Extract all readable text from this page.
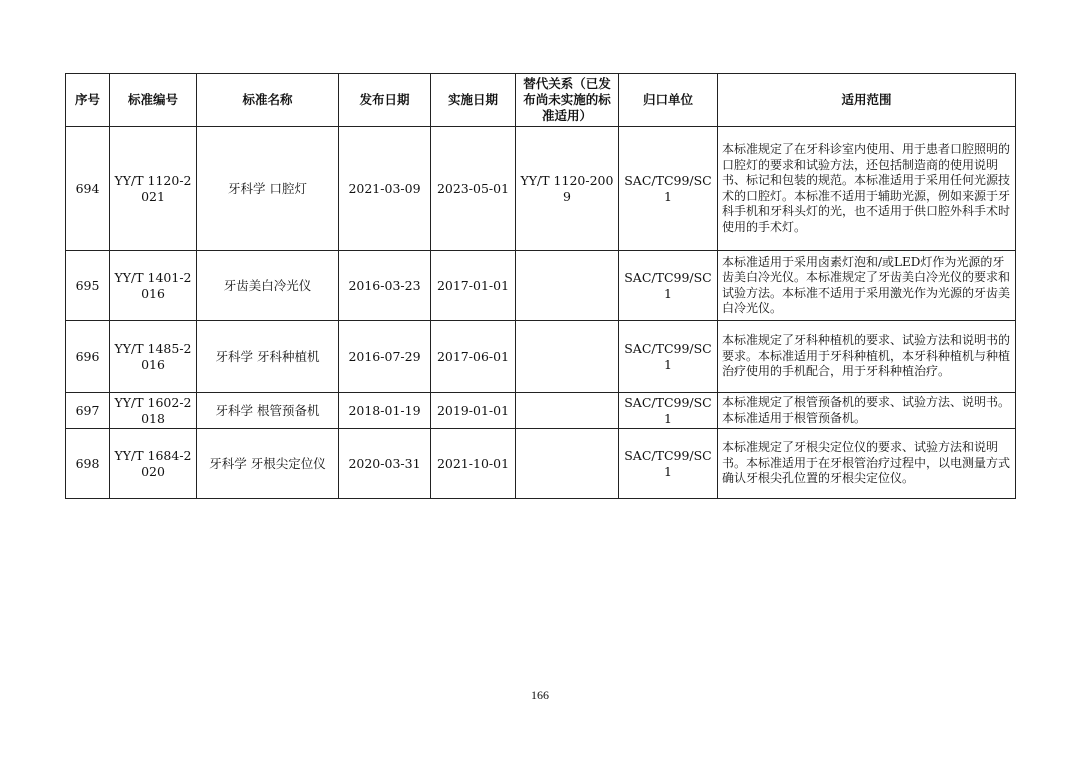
序号	标准编号	标准名称	发布日期	实施日期	替代关系（已发布尚未实施的标准适用）	归口单位	适用范围
694	YY/T 1120-2021	牙科学 口腔灯	2021-03-09	2023-05-01	YY/T 1120-2009	SAC/TC99/SC1	本标准规定了在牙科诊室内使用、用于患者口腔照明的口腔灯的要求和试验方法，还包括制造商的使用说明书、标记和包装的规范。本标准适用于采用任何光源技术的口腔灯。本标准不适用于辅助光源，例如来源于牙科手机和牙科头灯的光，也不适用于供口腔外科手术时使用的手术灯。
695	YY/T 1401-2016	牙齿美白冷光仪	2016-03-23	2017-01-01		SAC/TC99/SC1	本标准适用于采用卤素灯泡和/或LED灯作为光源的牙齿美白冷光仪。本标准规定了牙齿美白冷光仪的要求和试验方法。本标准不适用于采用激光作为光源的牙齿美白冷光仪。
696	YY/T 1485-2016	牙科学 牙科种植机	2016-07-29	2017-06-01		SAC/TC99/SC1	本标准规定了牙科种植机的要求、试验方法和说明书的要求。本标准适用于牙科种植机，本牙科种植机与种植治疗使用的手机配合，用于牙科种植治疗。
697	YY/T 1602-2018	牙科学 根管预备机	2018-01-19	2019-01-01		SAC/TC99/SC1	本标准规定了根管预备机的要求、试验方法、说明书。本标准适用于根管预备机。
698	YY/T 1684-2020	牙科学 牙根尖定位仪	2020-03-31	2021-10-01		SAC/TC99/SC1	本标准规定了牙根尖定位仪的要求、试验方法和说明书。本标准适用于在牙根管治疗过程中，以电测量方式确认牙根尖孔位置的牙根尖定位仪。
166
